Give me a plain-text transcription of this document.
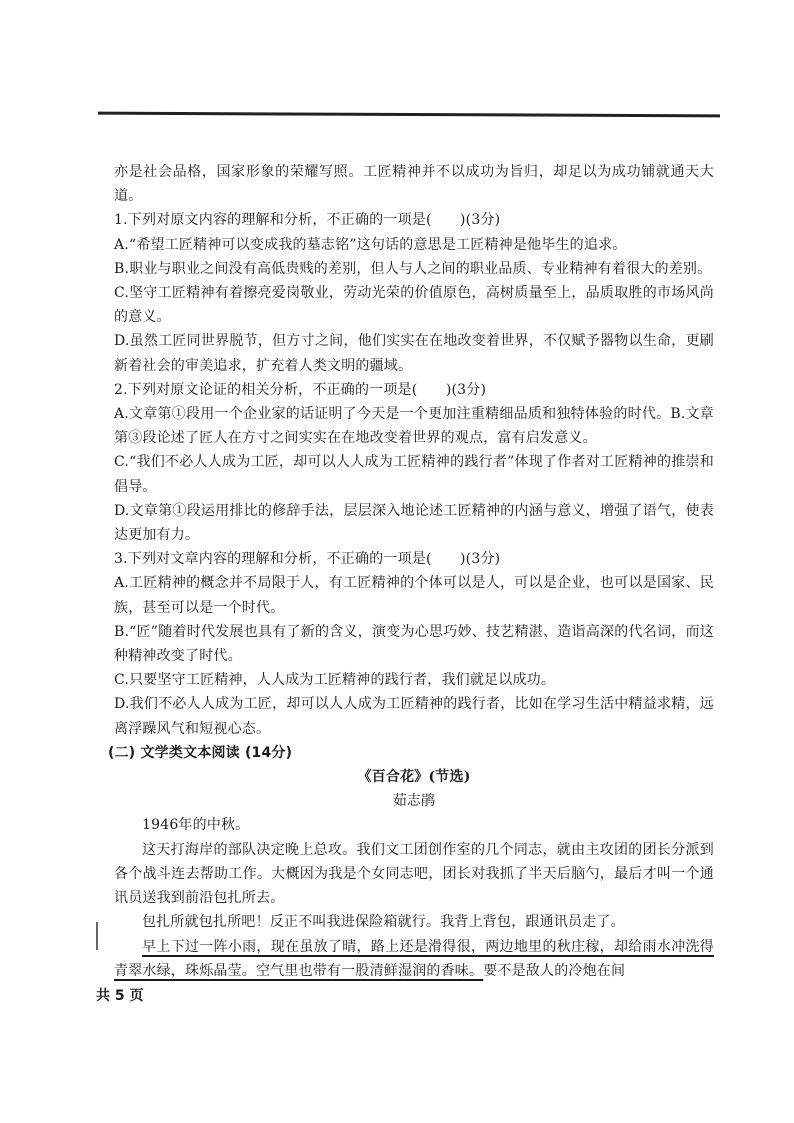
亦是社会品格，国家形象的荣耀写照。工匠精神并不以成功为旨归，却足以为成功铺就通天大道。

1.下列对原文内容的理解和分析，不正确的一项是(　　)(3分)

A.“希望工匠精神可以变成我的墓志铭”这句话的意思是工匠精神是他毕生的追求。

B.职业与职业之间没有高低贵贱的差别，但人与人之间的职业品质、专业精神有着很大的差别。

C.坚守工匠精神有着擦亮爱岗敬业，劳动光荣的价值原色，高树质量至上，品质取胜的市场风尚的意义。

D.虽然工匠同世界脱节，但方寸之间，他们实实在在地改变着世界，不仅赋予器物以生命，更刷新着社会的审美追求，扩充着人类文明的疆域。

2.下列对原文论证的相关分析，不正确的一项是(　　)(3分)

A.文章第①段用一个企业家的话证明了今天是一个更加注重精细品质和独特体验的时代。B.文章第③段论述了匠人在方寸之间实实在在地改变着世界的观点，富有启发意义。

C.“我们不必人人成为工匠，却可以人人成为工匠精神的践行者”体现了作者对工匠精神的推崇和倡导。

D.文章第①段运用排比的修辞手法，层层深入地论述工匠精神的内涵与意义，增强了语气，使表达更加有力。

3.下列对文章内容的理解和分析，不正确的一项是(　　)(3分)

A.工匠精神的概念并不局限于人，有工匠精神的个体可以是人，可以是企业，也可以是国家、民族，甚至可以是一个时代。

B.“匠”随着时代发展也具有了新的含义，演变为心思巧妙、技艺精湛、造诣高深的代名词，而这种精神改变了时代。

C.只要坚守工匠精神，人人成为工匠精神的践行者，我们就足以成功。

D.我们不必人人成为工匠，却可以人人成为工匠精神的践行者，比如在学习生活中精益求精，远离浮躁风气和短视心态。

(二) 文学类文本阅读 (14分)

《百合花》(节选)

茹志鹃

1946年的中秋。

这天打海岸的部队决定晚上总攻。我们文工团创作室的几个同志，就由主攻团的团长分派到各个战斗连去帮助工作。大概因为我是个女同志吧，团长对我抓了半天后脑勺，最后才叫一个通讯员送我到前沿包扎所去。

包扎所就包扎所吧！反正不叫我进保险箱就行。我背上背包，跟通讯员走了。

早上下过一阵小雨，现在虽放了晴，路上还是滑得很，两边地里的秋庄稼，却给雨水冲洗得青翠水绿，珠烁晶莹。空气里也带有一股清鲜湿润的香味。要不是敌人的冷炮在间

共 5 页
